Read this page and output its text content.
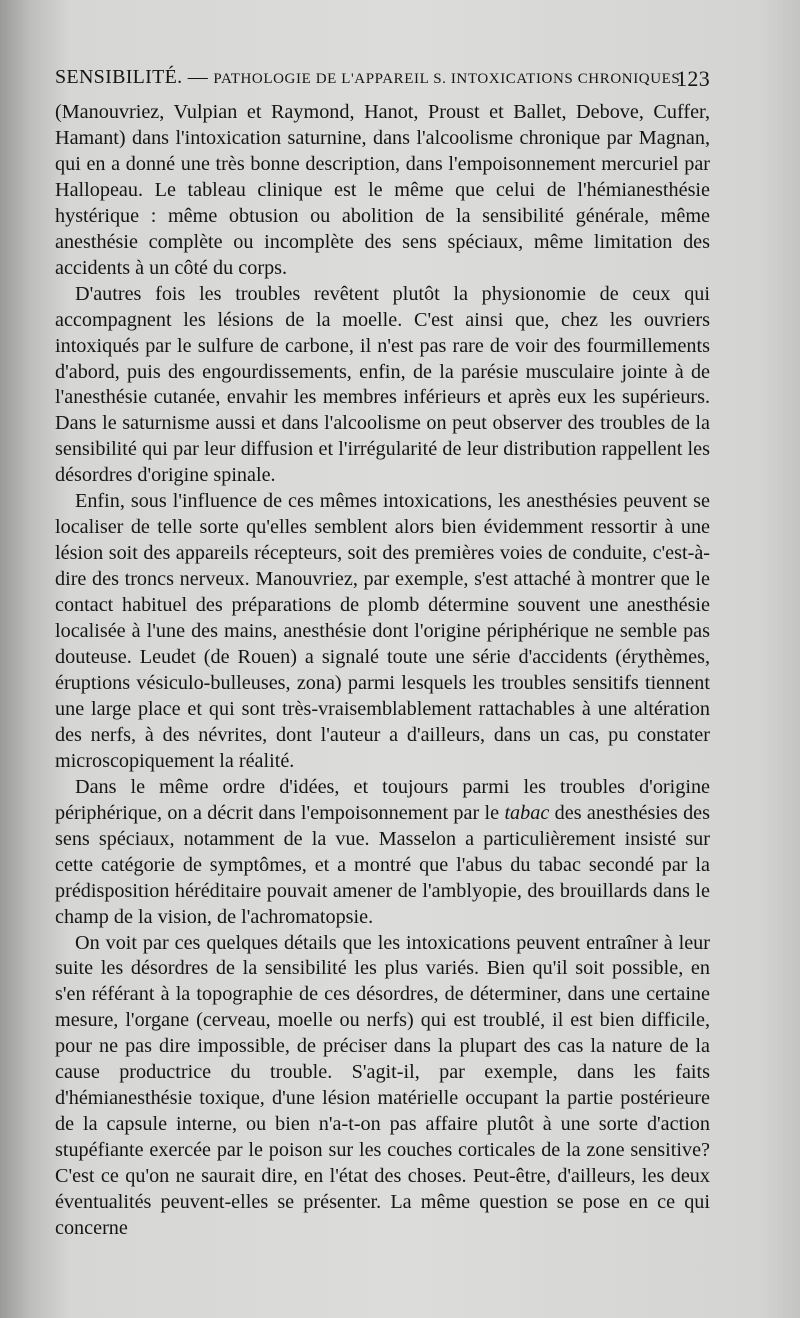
SENSIBILITÉ. — PATHOLOGIE DE L'APPAREIL S. INTOXICATIONS CHRONIQUES.
123

(Manouvriez, Vulpian et Raymond, Hanot, Proust et Ballet, Debove, Cuffer, Hamant) dans l'intoxication saturnine, dans l'alcoolisme chronique par Magnan, qui en a donné une très bonne description, dans l'empoisonnement mercuriel par Hallopeau. Le tableau clinique est le même que celui de l'hémianesthésie hystérique : même obtusion ou abolition de la sensibilité générale, même anesthésie complète ou incomplète des sens spéciaux, même limitation des accidents à un côté du corps.

D'autres fois les troubles revêtent plutôt la physionomie de ceux qui accompagnent les lésions de la moelle. C'est ainsi que, chez les ouvriers intoxiqués par le sulfure de carbone, il n'est pas rare de voir des fourmillements d'abord, puis des engourdissements, enfin, de la parésie musculaire jointe à de l'anesthésie cutanée, envahir les membres inférieurs et après eux les supérieurs. Dans le saturnisme aussi et dans l'alcoolisme on peut observer des troubles de la sensibilité qui par leur diffusion et l'irrégularité de leur distribution rappellent les désordres d'origine spinale.

Enfin, sous l'influence de ces mêmes intoxications, les anesthésies peuvent se localiser de telle sorte qu'elles semblent alors bien évidemment ressortir à une lésion soit des appareils récepteurs, soit des premières voies de conduite, c'est-à-dire des troncs nerveux. Manouvriez, par exemple, s'est attaché à montrer que le contact habituel des préparations de plomb détermine souvent une anesthésie localisée à l'une des mains, anesthésie dont l'origine périphérique ne semble pas douteuse. Leudet (de Rouen) a signalé toute une série d'accidents (érythèmes, éruptions vésiculo-bulleuses, zona) parmi lesquels les troubles sensitifs tiennent une large place et qui sont très-vraisemblablement rattachables à une altération des nerfs, à des névrites, dont l'auteur a d'ailleurs, dans un cas, pu constater microscopiquement la réalité.

Dans le même ordre d'idées, et toujours parmi les troubles d'origine périphérique, on a décrit dans l'empoisonnement par le tabac des anesthésies des sens spéciaux, notamment de la vue. Masselon a particulièrement insisté sur cette catégorie de symptômes, et a montré que l'abus du tabac secondé par la prédisposition héréditaire pouvait amener de l'amblyopie, des brouillards dans le champ de la vision, de l'achromatopsie.

On voit par ces quelques détails que les intoxications peuvent entraîner à leur suite les désordres de la sensibilité les plus variés. Bien qu'il soit possible, en s'en référant à la topographie de ces désordres, de déterminer, dans une certaine mesure, l'organe (cerveau, moelle ou nerfs) qui est troublé, il est bien difficile, pour ne pas dire impossible, de préciser dans la plupart des cas la nature de la cause productrice du trouble. S'agit-il, par exemple, dans les faits d'hémianesthésie toxique, d'une lésion matérielle occupant la partie postérieure de la capsule interne, ou bien n'a-t-on pas affaire plutôt à une sorte d'action stupéfiante exercée par le poison sur les couches corticales de la zone sensitive? C'est ce qu'on ne saurait dire, en l'état des choses. Peut-être, d'ailleurs, les deux éventualités peuvent-elles se présenter. La même question se pose en ce qui concerne
